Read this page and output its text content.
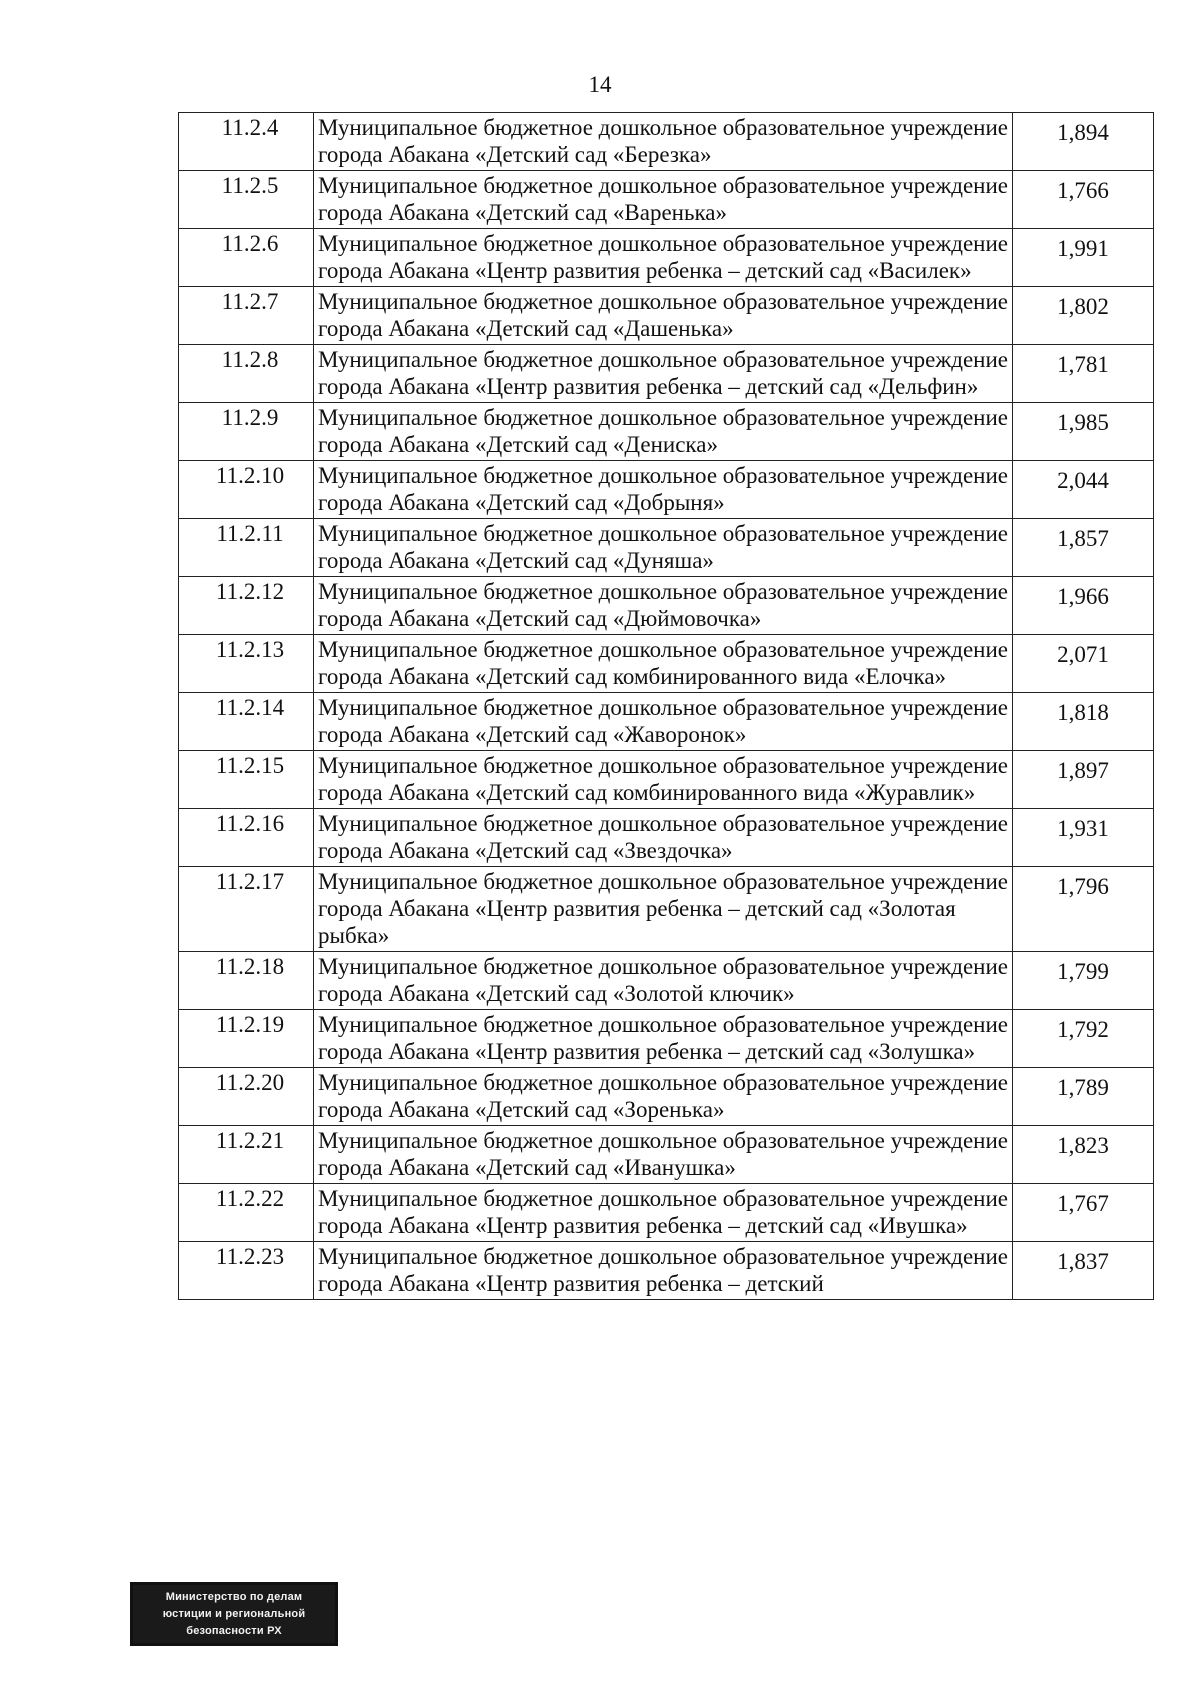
14
11.2.4	Муниципальное бюджетное дошкольное образовательное учреждение города Абакана «Детский сад «Березка»	1,894
11.2.5	Муниципальное бюджетное дошкольное образовательное учреждение города Абакана «Детский сад «Варенька»	1,766
11.2.6	Муниципальное бюджетное дошкольное образовательное учреждение города Абакана «Центр развития ребенка – детский сад «Василек»	1,991
11.2.7	Муниципальное бюджетное дошкольное образовательное учреждение города Абакана «Детский сад «Дашенька»	1,802
11.2.8	Муниципальное бюджетное дошкольное образовательное учреждение города Абакана «Центр развития ребенка – детский сад «Дельфин»	1,781
11.2.9	Муниципальное бюджетное дошкольное образовательное учреждение города Абакана «Детский сад «Дениска»	1,985
11.2.10	Муниципальное бюджетное дошкольное образовательное учреждение города Абакана «Детский сад «Добрыня»	2,044
11.2.11	Муниципальное бюджетное дошкольное образовательное учреждение города Абакана «Детский сад «Дуняша»	1,857
11.2.12	Муниципальное бюджетное дошкольное образовательное учреждение города Абакана «Детский сад «Дюймовочка»	1,966
11.2.13	Муниципальное бюджетное дошкольное образовательное учреждение города Абакана «Детский сад комбинированного вида «Елочка»	2,071
11.2.14	Муниципальное бюджетное дошкольное образовательное учреждение города Абакана «Детский сад «Жаворонок»	1,818
11.2.15	Муниципальное бюджетное дошкольное образовательное учреждение города Абакана «Детский сад комбинированного вида «Журавлик»	1,897
11.2.16	Муниципальное бюджетное дошкольное образовательное учреждение города Абакана «Детский сад «Звездочка»	1,931
11.2.17	Муниципальное бюджетное дошкольное образовательное учреждение города Абакана «Центр развития ребенка – детский сад «Золотая рыбка»	1,796
11.2.18	Муниципальное бюджетное дошкольное образовательное учреждение города Абакана «Детский сад «Золотой ключик»	1,799
11.2.19	Муниципальное бюджетное дошкольное образовательное учреждение города Абакана «Центр развития ребенка – детский сад «Золушка»	1,792
11.2.20	Муниципальное бюджетное дошкольное образовательное учреждение города Абакана «Детский сад «Зоренька»	1,789
11.2.21	Муниципальное бюджетное дошкольное образовательное учреждение города Абакана «Детский сад «Иванушка»	1,823
11.2.22	Муниципальное бюджетное дошкольное образовательное учреждение города Абакана «Центр развития ребенка – детский сад «Ивушка»	1,767
11.2.23	Муниципальное бюджетное дошкольное образовательное учреждение города Абакана «Центр развития ребенка – детский	1,837
Министерство по делам
юстиции и региональной
безопасности РХ
